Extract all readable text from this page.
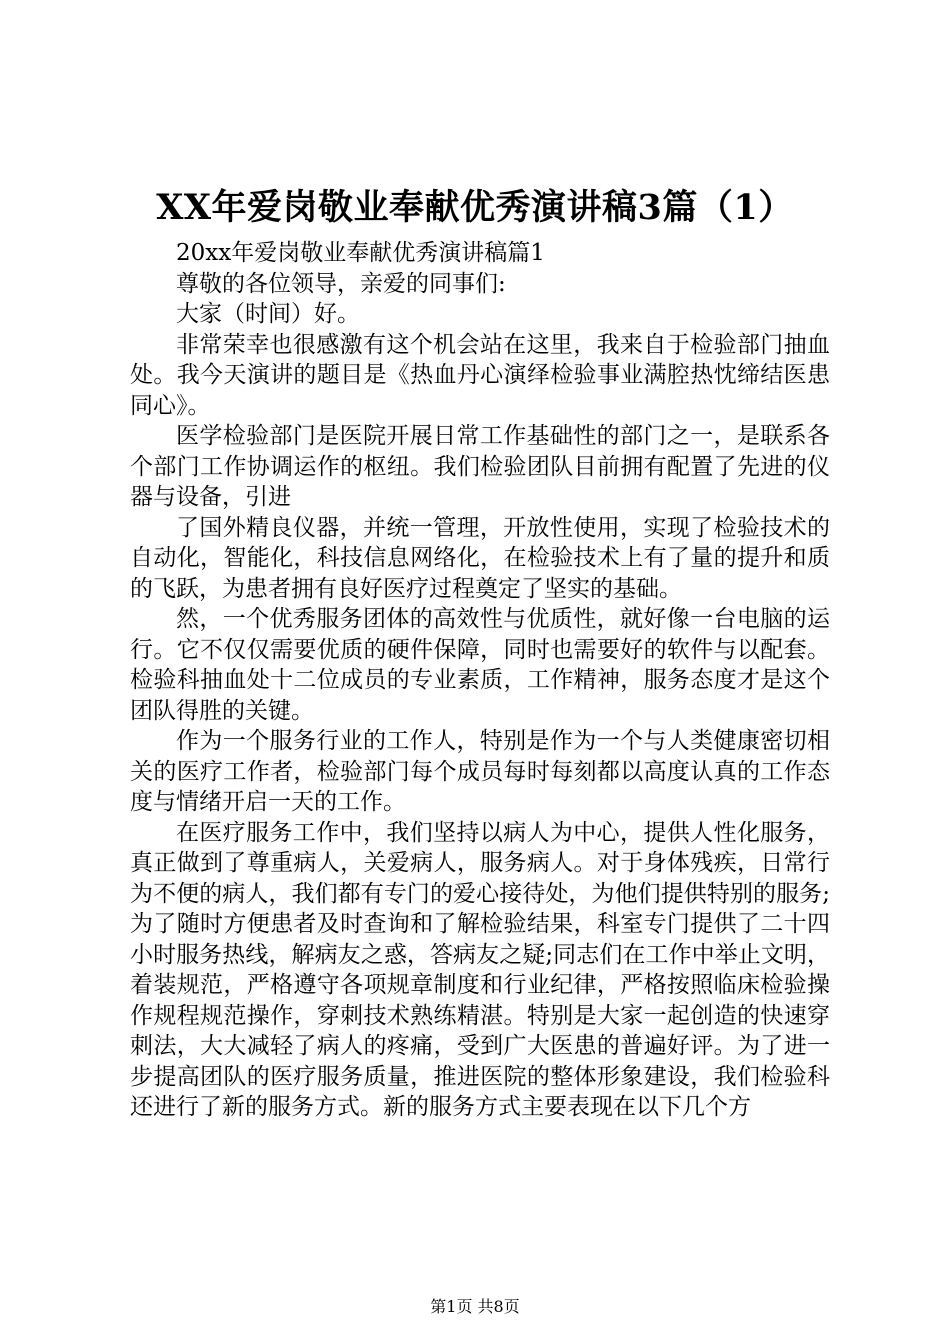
XX年爱岗敬业奉献优秀演讲稿3篇（1）

20xx年爱岗敬业奉献优秀演讲稿篇1

尊敬的各位领导，亲爱的同事们:

大家（时间）好。

非常荣幸也很感激有这个机会站在这里，我来自于检验部门抽血处。我今天演讲的题目是《热血丹心演绎检验事业满腔热忱缔结医患同心》。

医学检验部门是医院开展日常工作基础性的部门之一，是联系各个部门工作协调运作的枢纽。我们检验团队目前拥有配置了先进的仪器与设备，引进

了国外精良仪器，并统一管理，开放性使用，实现了检验技术的自动化，智能化，科技信息网络化，在检验技术上有了量的提升和质的飞跃，为患者拥有良好医疗过程奠定了坚实的基础。

然，一个优秀服务团体的高效性与优质性，就好像一台电脑的运行。它不仅仅需要优质的硬件保障，同时也需要好的软件与以配套。检验科抽血处十二位成员的专业素质，工作精神，服务态度才是这个团队得胜的关键。

作为一个服务行业的工作人，特别是作为一个与人类健康密切相关的医疗工作者，检验部门每个成员每时每刻都以高度认真的工作态度与情绪开启一天的工作。

在医疗服务工作中，我们坚持以病人为中心，提供人性化服务，真正做到了尊重病人，关爱病人，服务病人。对于身体残疾，日常行为不便的病人，我们都有专门的爱心接待处，为他们提供特别的服务;为了随时方便患者及时查询和了解检验结果，科室专门提供了二十四小时服务热线，解病友之惑，答病友之疑;同志们在工作中举止文明，着装规范，严格遵守各项规章制度和行业纪律，严格按照临床检验操作规程规范操作，穿刺技术熟练精湛。特别是大家一起创造的快速穿刺法，大大减轻了病人的疼痛，受到广大医患的普遍好评。为了进一步提高团队的医疗服务质量，推进医院的整体形象建设，我们检验科还进行了新的服务方式。新的服务方式主要表现在以下几个方

第1页 共8页
